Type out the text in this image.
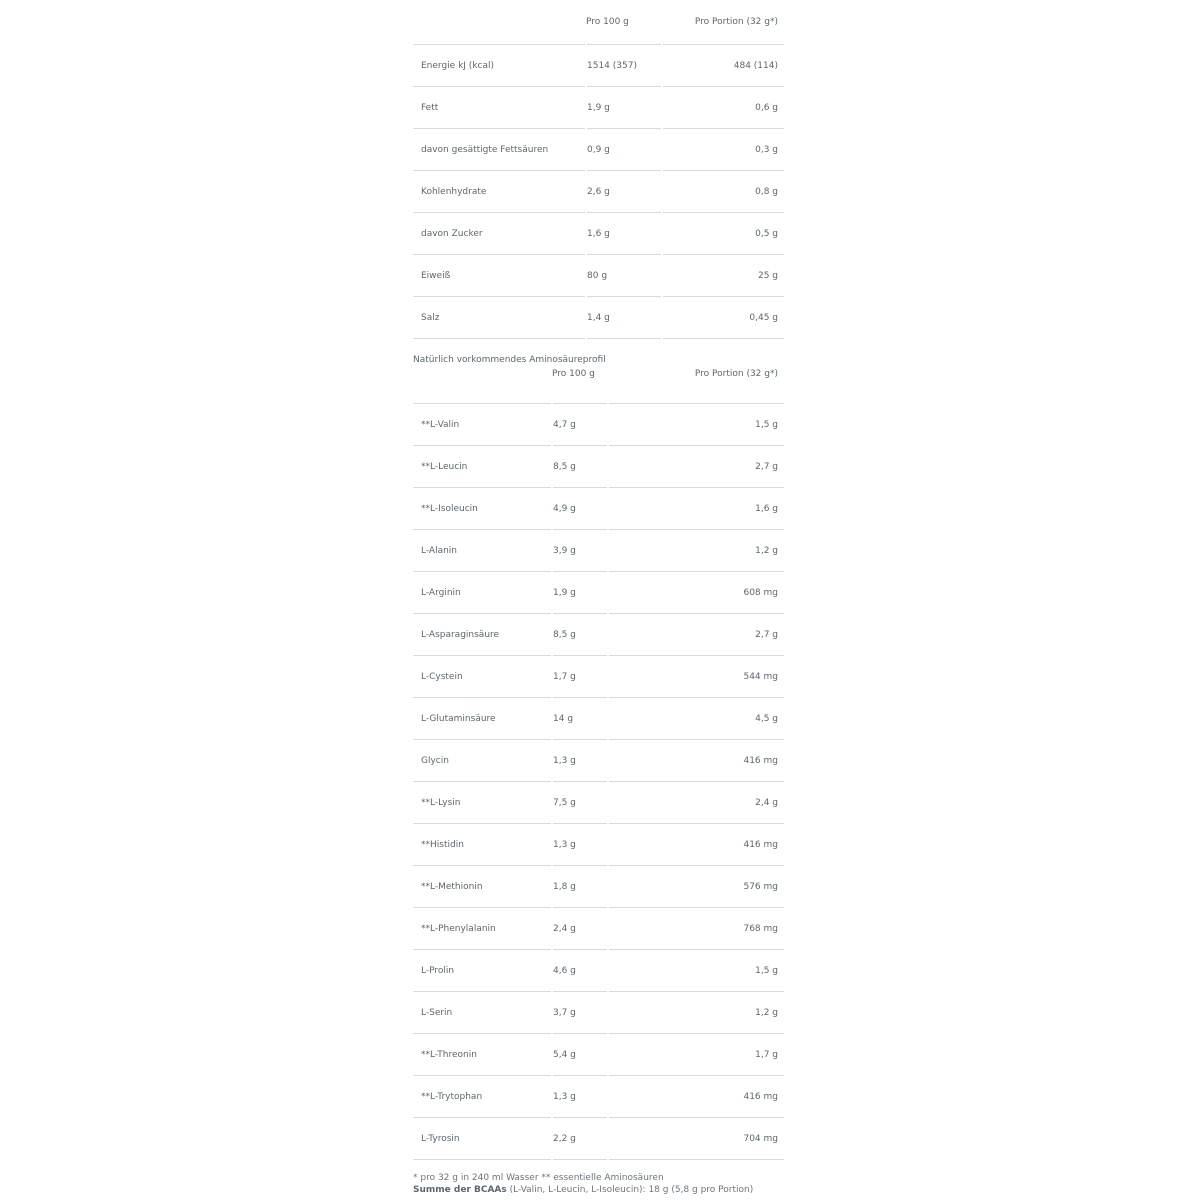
	Pro 100 g	Pro Portion (32 g*)
Energie kJ (kcal)	1514 (357)	484 (114)
Fett	1,9 g	0,6 g
davon gesättigte Fettsäuren	0,9 g	0,3 g
Kohlenhydrate	2,6 g	0,8 g
davon Zucker	1,6 g	0,5 g
Eiweiß	80 g	25 g
Salz	1,4 g	0,45 g
Natürlich vorkommendes Aminosäureprofil
	Pro 100 g	Pro Portion (32 g*)
**L-Valin	4,7 g	1,5 g
**L-Leucin	8,5 g	2,7 g
**L-Isoleucin	4,9 g	1,6 g
L-Alanin	3,9 g	1,2 g
L-Arginin	1,9 g	608 mg
L-Asparaginsäure	8,5 g	2,7 g
L-Cystein	1,7 g	544 mg
L-Glutaminsäure	14 g	4,5 g
Glycin	1,3 g	416 mg
**L-Lysin	7,5 g	2,4 g
**Histidin	1,3 g	416 mg
**L-Methionin	1,8 g	576 mg
**L-Phenylalanin	2,4 g	768 mg
L-Prolin	4,6 g	1,5 g
L-Serin	3,7 g	1,2 g
**L-Threonin	5,4 g	1,7 g
**L-Trytophan	1,3 g	416 mg
L-Tyrosin	2,2 g	704 mg
* pro 32 g in 240 ml Wasser ** essentielle Aminosäuren
Summe der BCAAs (L-Valin, L-Leucin, L-Isoleucin): 18 g (5,8 g pro Portion)
